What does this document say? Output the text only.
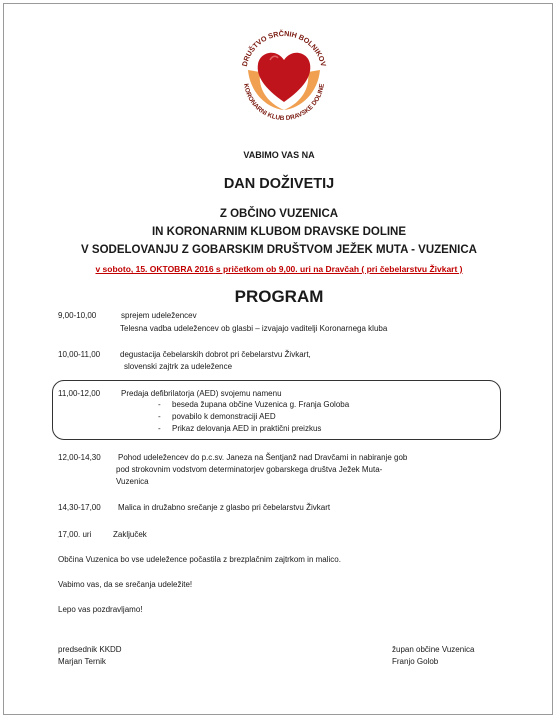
DRUŠTVO SRČNIH BOLNIKOV
KORONARNI KLUB DRAVSKE DOLINE
VABIMO VAS NA
DAN DOŽIVETIJ
Z OBČINO VUZENICA
IN KORONARNIM KLUBOM DRAVSKE DOLINE
V SODELOVANJU Z GOBARSKIM DRUŠTVOM JEŽEK MUTA - VUZENICA
v soboto, 15. OKTOBRA 2016 s pričetkom ob 9,00. uri na Dravčah ( pri čebelarstvu Živkart )
PROGRAM
9,00-10,00	sprejem udeležencev
Telesna vadba udeležencev ob glasbi – izvajajo vaditelji Koronarnega kluba
10,00-11,00 degustacija čebelarskih dobrot pri čebelarstvu Živkart,
slovenski zajtrk za udeležence
11,00-12,00	Predaja defibrilatorja (AED) svojemu namenu
- beseda župana občine Vuzenica g. Franja Goloba
- povabilo k demonstraciji AED
- Prikaz delovanja AED in praktični preizkus
12,00-14,30 Pohod udeležencev do p.c.sv. Janeza na Šentjanž nad Dravčami in nabiranje gob
pod strokovnim vodstvom determinatorjev gobarskega društva Ježek Muta-
Vuzenica
14,30-17,00 Malica in družabno srečanje z glasbo pri čebelarstvu Živkart
17,00. uri	Zaključek
Občina Vuzenica bo vse udeležence počastila z brezplačnim zajtrkom in malico.
Vabimo vas, da se srečanja udeležite!
Lepo vas pozdravljamo!
predsednik KKDD
Marjan Ternik
župan občine Vuzenica
Franjo Golob
